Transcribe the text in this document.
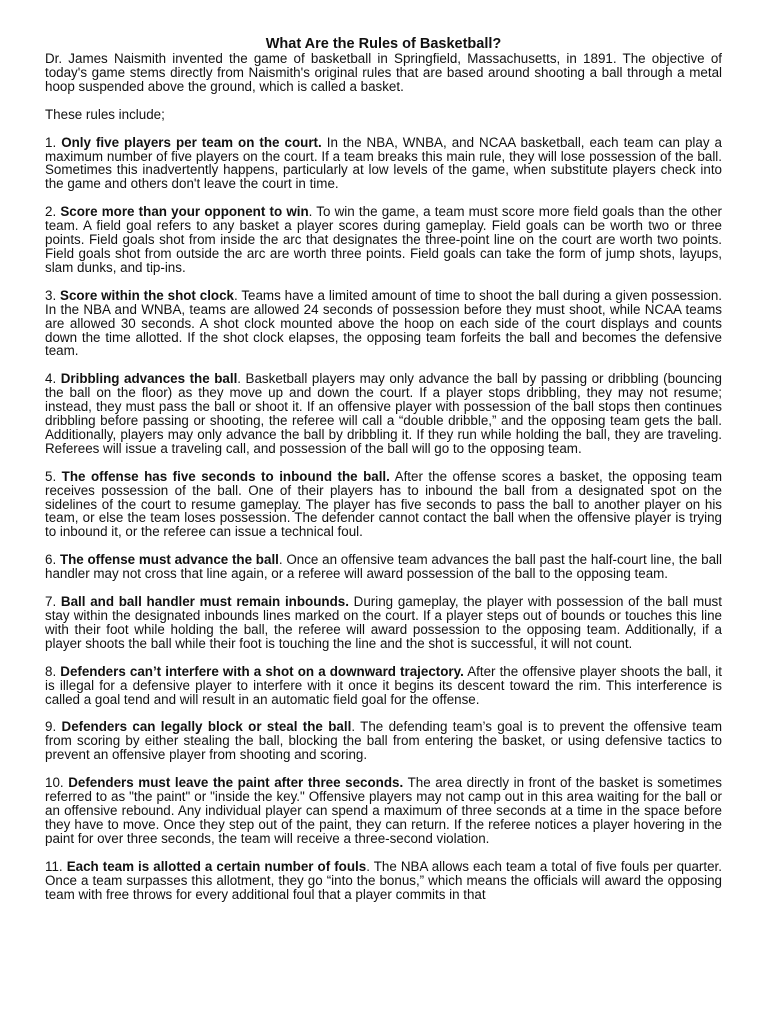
What Are the Rules of Basketball?

Dr. James Naismith invented the game of basketball in Springfield, Massachusetts, in 1891. The objective of today's game stems directly from Naismith's original rules that are based around shooting a ball through a metal hoop suspended above the ground, which is called a basket.

These rules include;

1. Only five players per team on the court. In the NBA, WNBA, and NCAA basketball, each team can play a maximum number of five players on the court. If a team breaks this main rule, they will lose possession of the ball. Sometimes this inadvertently happens, particularly at low levels of the game, when substitute players check into the game and others don't leave the court in time.

2. Score more than your opponent to win. To win the game, a team must score more field goals than the other team. A field goal refers to any basket a player scores during gameplay. Field goals can be worth two or three points. Field goals shot from inside the arc that designates the three-point line on the court are worth two points. Field goals shot from outside the arc are worth three points. Field goals can take the form of jump shots, layups, slam dunks, and tip-ins.

3. Score within the shot clock. Teams have a limited amount of time to shoot the ball during a given possession. In the NBA and WNBA, teams are allowed 24 seconds of possession before they must shoot, while NCAA teams are allowed 30 seconds. A shot clock mounted above the hoop on each side of the court displays and counts down the time allotted. If the shot clock elapses, the opposing team forfeits the ball and becomes the defensive team.

4. Dribbling advances the ball. Basketball players may only advance the ball by passing or dribbling (bouncing the ball on the floor) as they move up and down the court. If a player stops dribbling, they may not resume; instead, they must pass the ball or shoot it. If an offensive player with possession of the ball stops then continues dribbling before passing or shooting, the referee will call a “double dribble,” and the opposing team gets the ball. Additionally, players may only advance the ball by dribbling it. If they run while holding the ball, they are traveling. Referees will issue a traveling call, and possession of the ball will go to the opposing team.

5. The offense has five seconds to inbound the ball. After the offense scores a basket, the opposing team receives possession of the ball. One of their players has to inbound the ball from a designated spot on the sidelines of the court to resume gameplay. The player has five seconds to pass the ball to another player on his team, or else the team loses possession. The defender cannot contact the ball when the offensive player is trying to inbound it, or the referee can issue a technical foul.

6. The offense must advance the ball. Once an offensive team advances the ball past the half-court line, the ball handler may not cross that line again, or a referee will award possession of the ball to the opposing team.

7. Ball and ball handler must remain inbounds. During gameplay, the player with possession of the ball must stay within the designated inbounds lines marked on the court. If a player steps out of bounds or touches this line with their foot while holding the ball, the referee will award possession to the opposing team. Additionally, if a player shoots the ball while their foot is touching the line and the shot is successful, it will not count.

8. Defenders can’t interfere with a shot on a downward trajectory. After the offensive player shoots the ball, it is illegal for a defensive player to interfere with it once it begins its descent toward the rim. This interference is called a goal tend and will result in an automatic field goal for the offense.

9. Defenders can legally block or steal the ball. The defending team’s goal is to prevent the offensive team from scoring by either stealing the ball, blocking the ball from entering the basket, or using defensive tactics to prevent an offensive player from shooting and scoring.

10. Defenders must leave the paint after three seconds. The area directly in front of the basket is sometimes referred to as "the paint" or "inside the key." Offensive players may not camp out in this area waiting for the ball or an offensive rebound. Any individual player can spend a maximum of three seconds at a time in the space before they have to move. Once they step out of the paint, they can return. If the referee notices a player hovering in the paint for over three seconds, the team will receive a three-second violation.

11. Each team is allotted a certain number of fouls. The NBA allows each team a total of five fouls per quarter. Once a team surpasses this allotment, they go “into the bonus,” which means the officials will award the opposing team with free throws for every additional foul that a player commits in that
